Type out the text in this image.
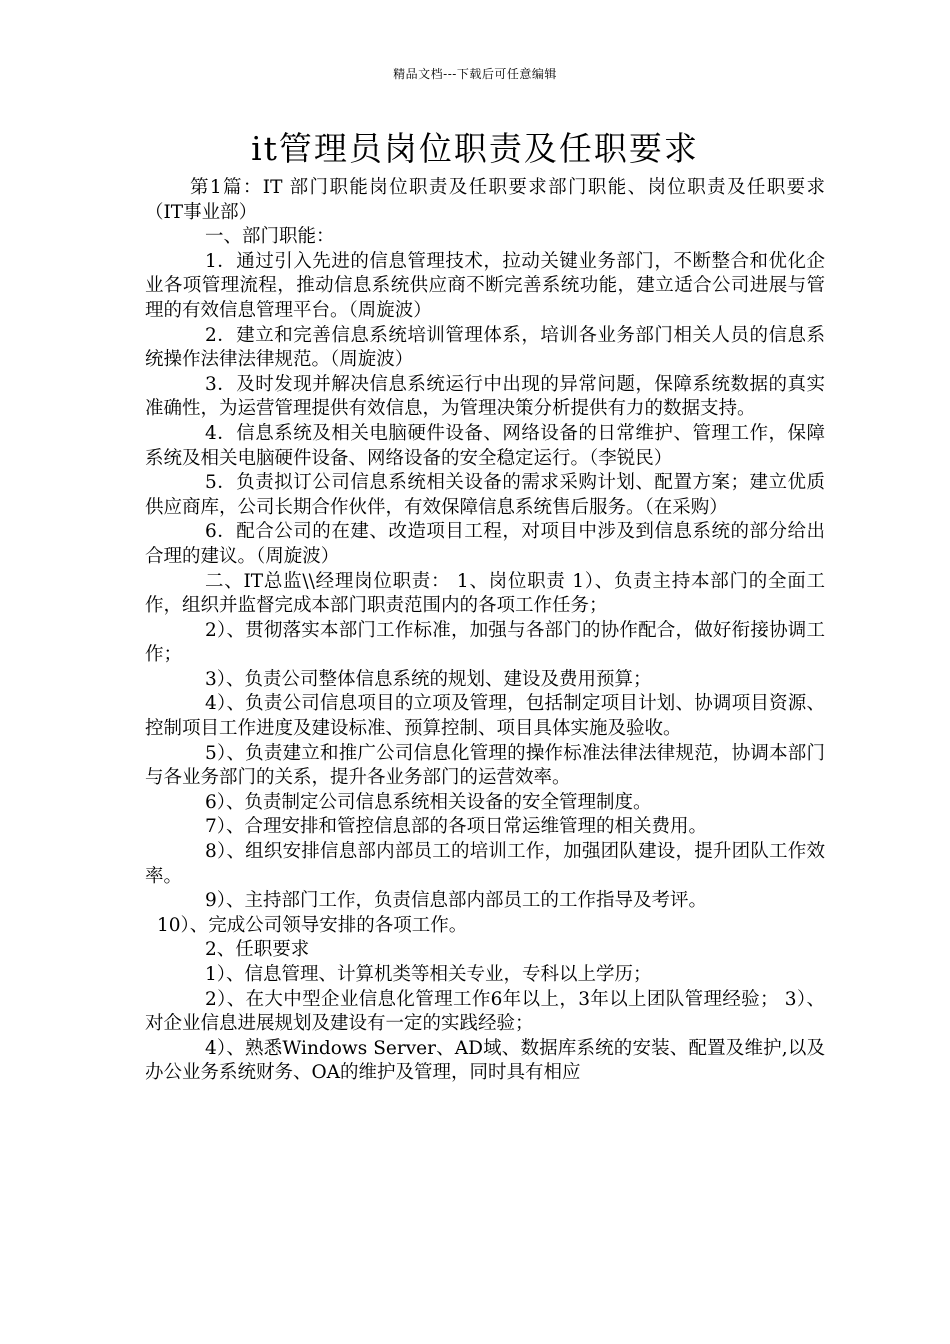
精品文档---下载后可任意编辑
it管理员岗位职责及任职要求

第1篇：IT 部门职能岗位职责及任职要求部门职能、岗位职责及任职要求 （IT事业部）

一、部门职能：

1．通过引入先进的信息管理技术，拉动关键业务部门，不断整合和优化企业各项管理流程，推动信息系统供应商不断完善系统功能，建立适合公司进展与管理的有效信息管理平台。（周旋波）

2．建立和完善信息系统培训管理体系，培训各业务部门相关人员的信息系统操作法律法律规范。（周旋波）

3．及时发现并解决信息系统运行中出现的异常问题，保障系统数据的真实准确性，为运营管理提供有效信息，为管理决策分析提供有力的数据支持。

4．信息系统及相关电脑硬件设备、网络设备的日常维护、管理工作，保障系统及相关电脑硬件设备、网络设备的安全稳定运行。（李锐民）

5．负责拟订公司信息系统相关设备的需求采购计划、配置方案；建立优质供应商库，公司长期合作伙伴，有效保障信息系统售后服务。（在采购）

6．配合公司的在建、改造项目工程，对项目中涉及到信息系统的部分给出合理的建议。（周旋波）

二、IT总监\\经理岗位职责： 1、岗位职责 1）、负责主持本部门的全面工作，组织并监督完成本部门职责范围内的各项工作任务；

2）、贯彻落实本部门工作标准，加强与各部门的协作配合，做好衔接协调工作；

3）、负责公司整体信息系统的规划、建设及费用预算；

4）、负责公司信息项目的立项及管理，包括制定项目计划、协调项目资源、控制项目工作进度及建设标准、预算控制、项目具体实施及验收。

5）、负责建立和推广公司信息化管理的操作标准法律法律规范，协调本部门与各业务部门的关系，提升各业务部门的运营效率。

6）、负责制定公司信息系统相关设备的安全管理制度。

7）、合理安排和管控信息部的各项日常运维管理的相关费用。

8）、组织安排信息部内部员工的培训工作，加强团队建设，提升团队工作效率。

9）、主持部门工作，负责信息部内部员工的工作指导及考评。

10）、完成公司领导安排的各项工作。

2、任职要求

1）、信息管理、计算机类等相关专业，专科以上学历；

2）、在大中型企业信息化管理工作6年以上，3年以上团队管理经验； 3）、对企业信息进展规划及建设有一定的实践经验；

4）、熟悉Windows Server、AD域、数据库系统的安装、配置及维护,以及办公业务系统财务、OA的维护及管理，同时具有相应
